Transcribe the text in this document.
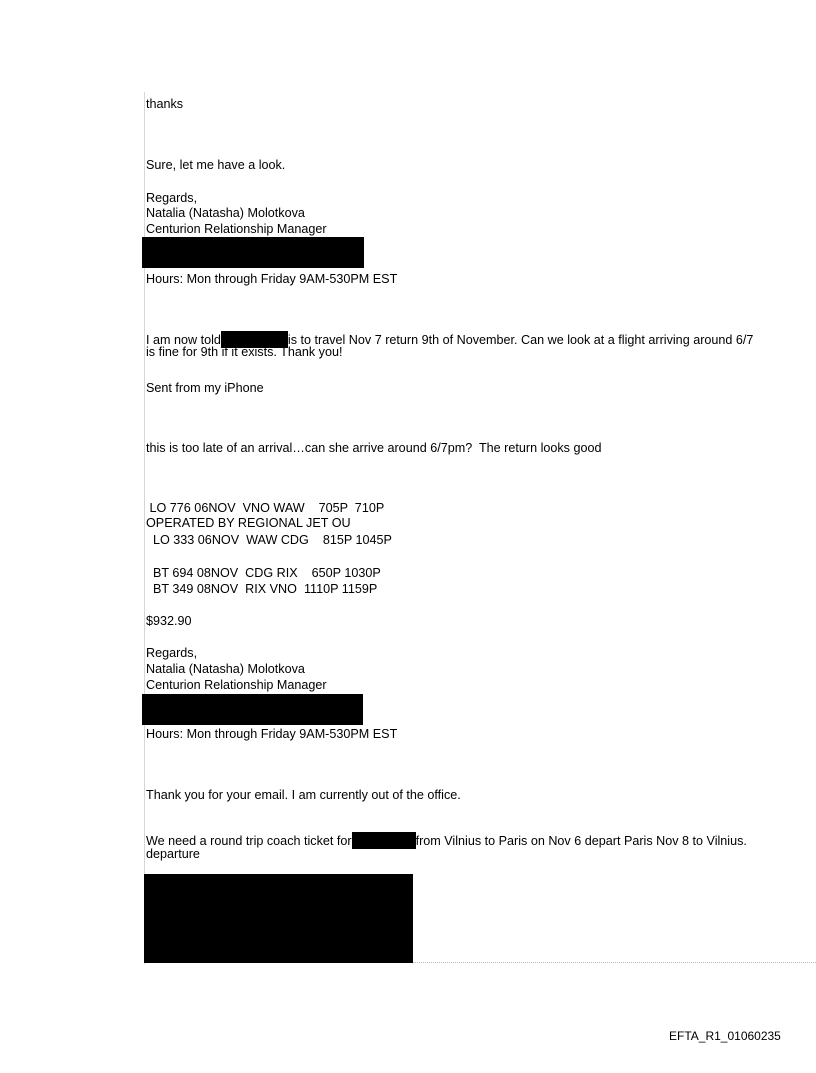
thanks
Sure, let me have a look.
Regards,
Natalia (Natasha) Molotkova
Centurion Relationship Manager
Hours: Mon through Friday 9AM-530PM EST
I am now told	is to travel Nov 7 return 9th of November. Can we look at a flight arriving around 6/7
is fine for 9th if it exists. Thank you!
Sent from my iPhone
this is too late of an arrival…can she arrive around 6/7pm?  The return looks good
LO 776 06NOV  VNO WAW    705P  710P
OPERATED BY REGIONAL JET OU
LO 333 06NOV  WAW CDG    815P 1045P
BT 694 08NOV  CDG RIX    650P 1030P
BT 349 08NOV  RIX VNO  1110P 1159P
$932.90
Regards,
Natalia (Natasha) Molotkova
Centurion Relationship Manager
Hours: Mon through Friday 9AM-530PM EST
Thank you for your email. I am currently out of the office.
We need a round trip coach ticket for	from Vilnius to Paris on Nov 6 depart Paris Nov 8 to Vilnius.
departure
EFTA_R1_01060235
